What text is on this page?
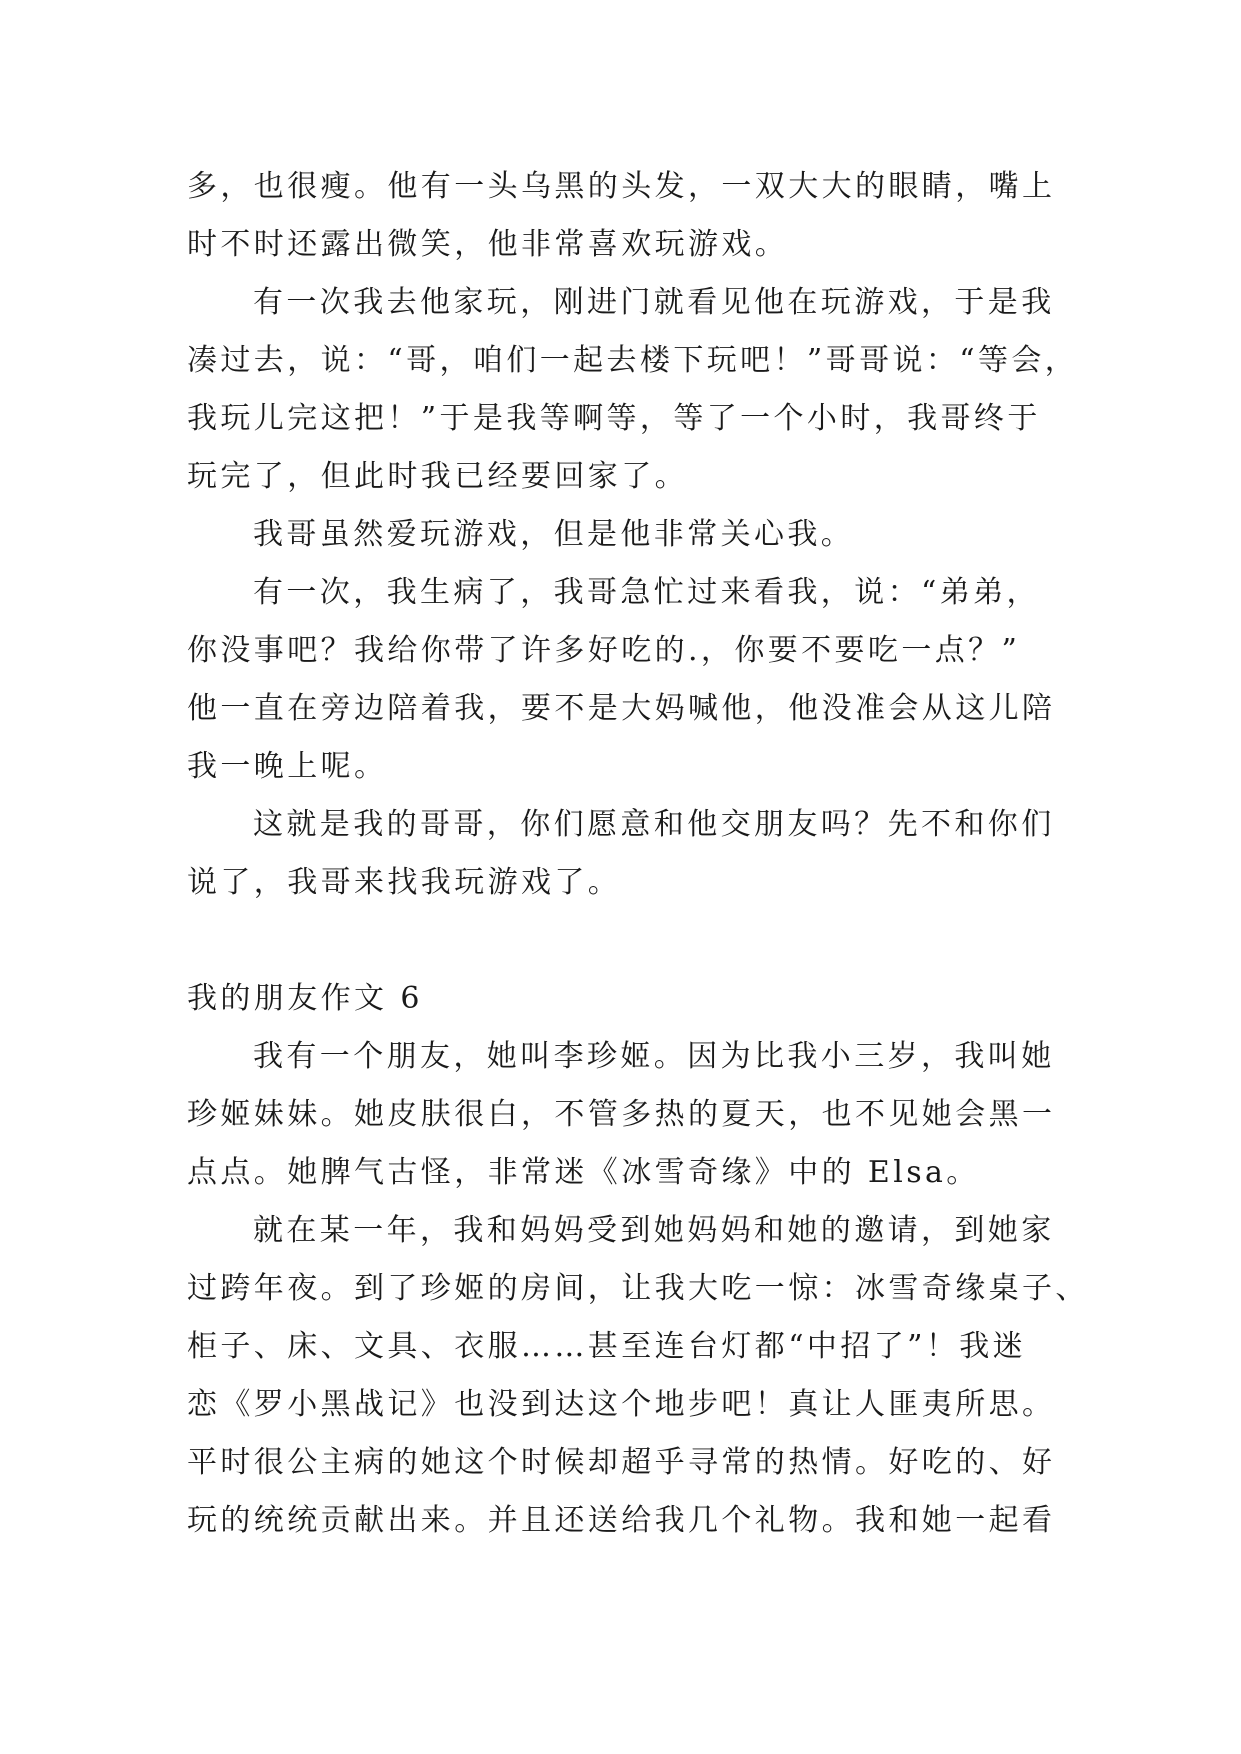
多，也很瘦。他有一头乌黑的头发，一双大大的眼睛，嘴上
时不时还露出微笑，他非常喜欢玩游戏。
有一次我去他家玩，刚进门就看见他在玩游戏，于是我
凑过去，说：“哥，咱们一起去楼下玩吧！”哥哥说：“等会，
我玩儿完这把！”于是我等啊等，等了一个小时，我哥终于
玩完了，但此时我已经要回家了。
我哥虽然爱玩游戏，但是他非常关心我。
有一次，我生病了，我哥急忙过来看我，说：“弟弟，
你没事吧？我给你带了许多好吃的.，你要不要吃一点？”
他一直在旁边陪着我，要不是大妈喊他，他没准会从这儿陪
我一晚上呢。
这就是我的哥哥，你们愿意和他交朋友吗？先不和你们
说了，我哥来找我玩游戏了。
我的朋友作文 6
我有一个朋友，她叫李珍姬。因为比我小三岁，我叫她
珍姬妹妹。她皮肤很白，不管多热的夏天，也不见她会黑一
点点。她脾气古怪，非常迷《冰雪奇缘》中的 Elsa。
就在某一年，我和妈妈受到她妈妈和她的邀请，到她家
过跨年夜。到了珍姬的房间，让我大吃一惊：冰雪奇缘桌子、
柜子、床、文具、衣服……甚至连台灯都“中招了”！我迷
恋《罗小黑战记》也没到达这个地步吧！真让人匪夷所思。
平时很公主病的她这个时候却超乎寻常的热情。好吃的、好
玩的统统贡献出来。并且还送给我几个礼物。我和她一起看
